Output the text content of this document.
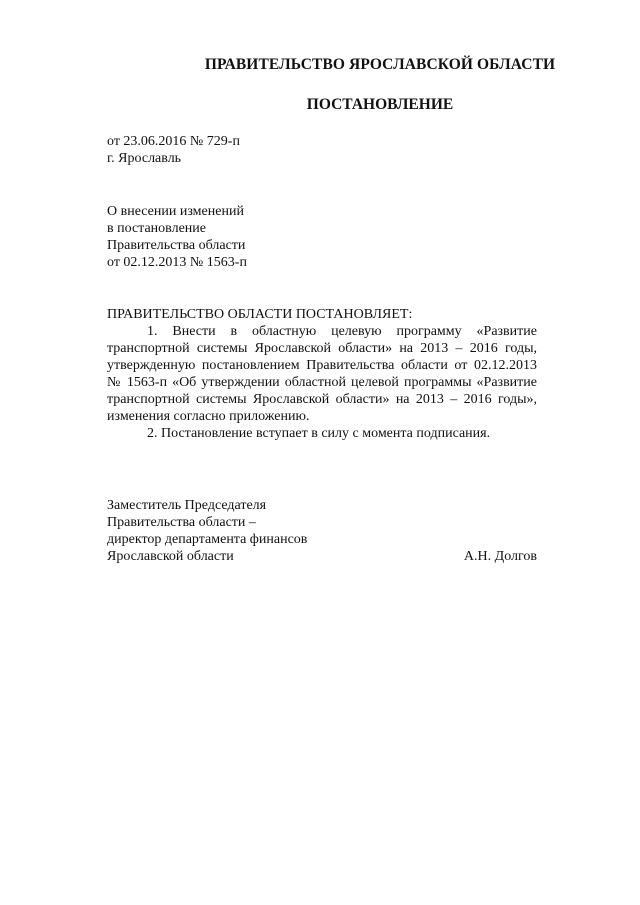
ПРАВИТЕЛЬСТВО ЯРОСЛАВСКОЙ ОБЛАСТИ
ПОСТАНОВЛЕНИЕ
от 23.06.2016 № 729-п
г. Ярославль
О внесении изменений
в постановление
Правительства области
от 02.12.2013 № 1563-п

ПРАВИТЕЛЬСТВО ОБЛАСТИ ПОСТАНОВЛЯЕТ:

1. Внести в областную целевую программу «Развитие транспортной системы Ярославской области» на 2013 – 2016 годы, утвержденную постановлением Правительства области от 02.12.2013 № 1563-п «Об утверждении областной целевой программы «Развитие транспортной системы Ярославской области» на 2013 – 2016 годы», изменения согласно приложению.

2. Постановление вступает в силу с момента подписания.

Заместитель Председателя
Правительства области –
директор департамента финансов
Ярославской области	А.Н. Долгов
